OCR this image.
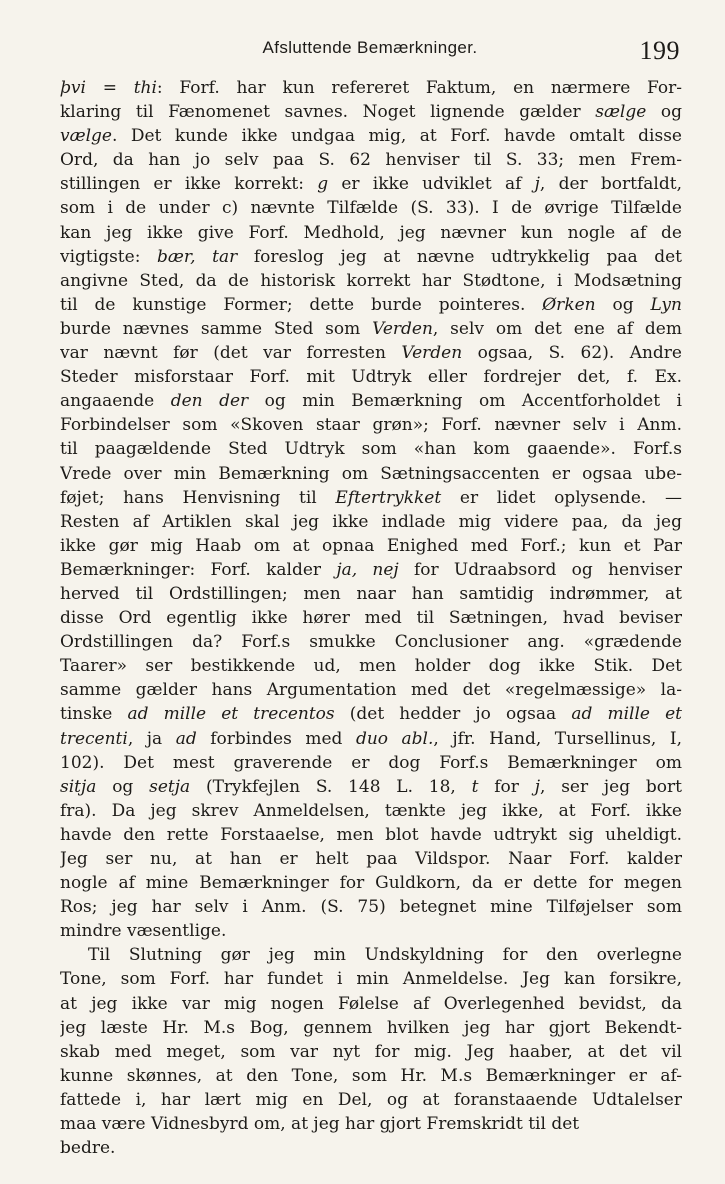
Afsluttende Bemærkninger.	199
þvi = thi: Forf. har kun refereret Faktum, en nærmere For-
klaring til Fænomenet savnes. Noget lignende gælder sælge og
vælge. Det kunde ikke undgaa mig, at Forf. havde omtalt disse
Ord, da han jo selv paa S. 62 henviser til S. 33; men Frem-
stillingen er ikke korrekt: g er ikke udviklet af j, der bortfaldt,
som i de under c) nævnte Tilfælde (S. 33). I de øvrige Tilfælde
kan jeg ikke give Forf. Medhold, jeg nævner kun nogle af de
vigtigste: bær, tar foreslog jeg at nævne udtrykkelig paa det
angivne Sted, da de historisk korrekt har Stødtone, i Modsætning
til de kunstige Former; dette burde pointeres. Ørken og Lyn
burde nævnes samme Sted som Verden, selv om det ene af dem
var nævnt før (det var forresten Verden ogsaa, S. 62). Andre
Steder misforstaar Forf. mit Udtryk eller fordrejer det, f. Ex.
angaaende den der og min Bemærkning om Accentforholdet i
Forbindelser som «Skoven staar grøn»; Forf. nævner selv i Anm.
til paagældende Sted Udtryk som «han kom gaaende». Forf.s
Vrede over min Bemærkning om Sætningsaccenten er ogsaa ube-
føjet; hans Henvisning til Eftertrykket er lidet oplysende. —
Resten af Artiklen skal jeg ikke indlade mig videre paa, da jeg
ikke gør mig Haab om at opnaa Enighed med Forf.; kun et Par
Bemærkninger: Forf. kalder ja, nej for Udraabsord og henviser
herved til Ordstillingen; men naar han samtidig indrømmer, at
disse Ord egentlig ikke hører med til Sætningen, hvad beviser
Ordstillingen da? Forf.s smukke Conclusioner ang. «grædende
Taarer» ser bestikkende ud, men holder dog ikke Stik. Det
samme gælder hans Argumentation med det «regelmæssige» la-
tinske ad mille et trecentos (det hedder jo ogsaa ad mille et
trecenti, ja ad forbindes med duo abl., jfr. Hand, Tursellinus, I,
102). Det mest graverende er dog Forf.s Bemærkninger om
sitja og setja (Trykfejlen S. 148 L. 18, t for j, ser jeg bort
fra). Da jeg skrev Anmeldelsen, tænkte jeg ikke, at Forf. ikke
havde den rette Forstaaelse, men blot havde udtrykt sig uheldigt.
Jeg ser nu, at han er helt paa Vildspor. Naar Forf. kalder
nogle af mine Bemærkninger for Guldkorn, da er dette for megen
Ros; jeg har selv i Anm. (S. 75) betegnet mine Tilføjelser som
mindre væsentlige.
Til Slutning gør jeg min Undskyldning for den overlegne
Tone, som Forf. har fundet i min Anmeldelse. Jeg kan forsikre,
at jeg ikke var mig nogen Følelse af Overlegenhed bevidst, da
jeg læste Hr. M.s Bog, gennem hvilken jeg har gjort Bekendt-
skab med meget, som var nyt for mig. Jeg haaber, at det vil
kunne skønnes, at den Tone, som Hr. M.s Bemærkninger er af-
fattede i, har lært mig en Del, og at foranstaaende Udtalelser
maa være Vidnesbyrd om, at jeg har gjort Fremskridt til det
bedre.
